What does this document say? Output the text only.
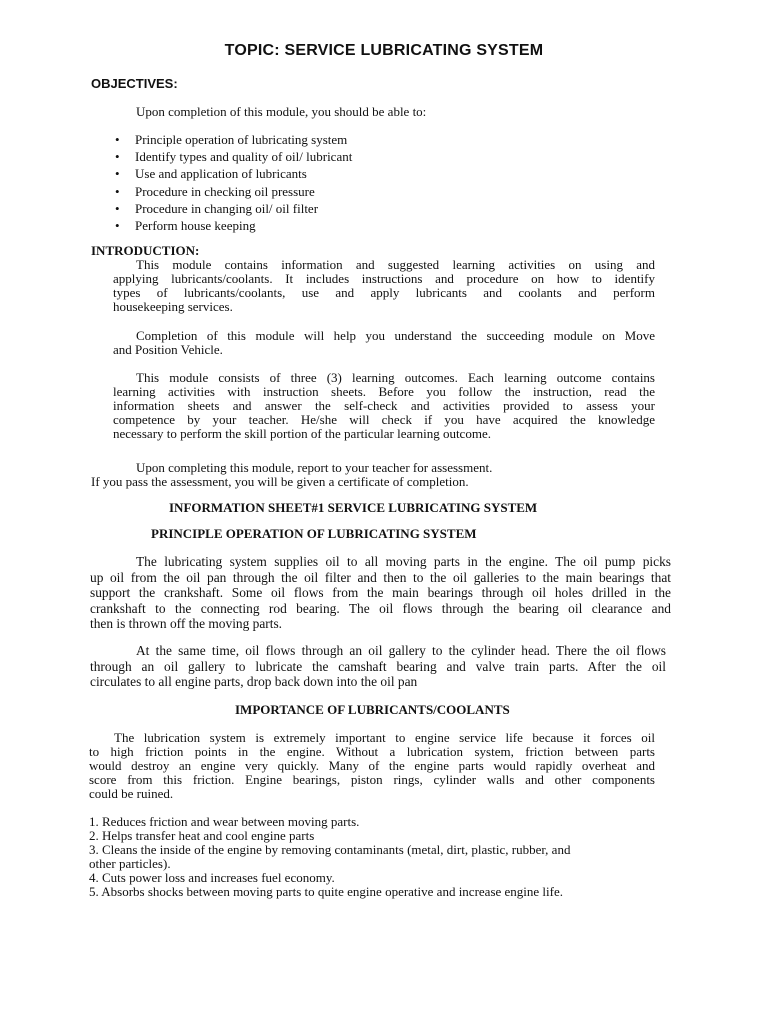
TOPIC: SERVICE LUBRICATING SYSTEM
OBJECTIVES:
Upon completion of this module, you should be able to:
• Principle operation of lubricating system
• Identify types and quality of oil/ lubricant
• Use and application of lubricants
• Procedure in checking oil pressure
• Procedure in changing oil/ oil filter
• Perform house keeping
INTRODUCTION:
This module contains information and suggested learning activities on using and
applying lubricants/coolants. It includes instructions and procedure on how to identify
types of lubricants/coolants, use and apply lubricants and coolants and perform
housekeeping services.
Completion of this module will help you understand the succeeding module on Move
and Position Vehicle.
This module consists of three (3) learning outcomes. Each learning outcome contains
learning activities with instruction sheets. Before you follow the instruction, read the
information sheets and answer the self-check and activities provided to assess your
competence by your teacher. He/she will check if you have acquired the knowledge
necessary to perform the skill portion of the particular learning outcome.
Upon completing this module, report to your teacher for assessment.
If you pass the assessment, you will be given a certificate of completion.
INFORMATION SHEET#1 SERVICE LUBRICATING SYSTEM
PRINCIPLE OPERATION OF LUBRICATING SYSTEM
The lubricating system supplies oil to all moving parts in the engine. The oil pump picks
up oil from the oil pan through the oil filter and then to the oil galleries to the main bearings that
support the crankshaft. Some oil flows from the main bearings through oil holes drilled in the
crankshaft to the connecting rod bearing. The oil flows through the bearing oil clearance and
then is thrown off the moving parts.
At the same time, oil flows through an oil gallery to the cylinder head. There the oil flows
through an oil gallery to lubricate the camshaft bearing and valve train parts. After the oil
circulates to all engine parts, drop back down into the oil pan
IMPORTANCE OF LUBRICANTS/COOLANTS
The lubrication system is extremely important to engine service life because it forces oil
to high friction points in the engine. Without a lubrication system, friction between parts
would destroy an engine very quickly. Many of the engine parts would rapidly overheat and
score from this friction. Engine bearings, piston rings, cylinder walls and other components
could be ruined.
1. Reduces friction and wear between moving parts.
2. Helps transfer heat and cool engine parts
3. Cleans the inside of the engine by removing contaminants (metal, dirt, plastic, rubber, and
other particles).
4. Cuts power loss and increases fuel economy.
5. Absorbs shocks between moving parts to quite engine operative and increase engine life.
